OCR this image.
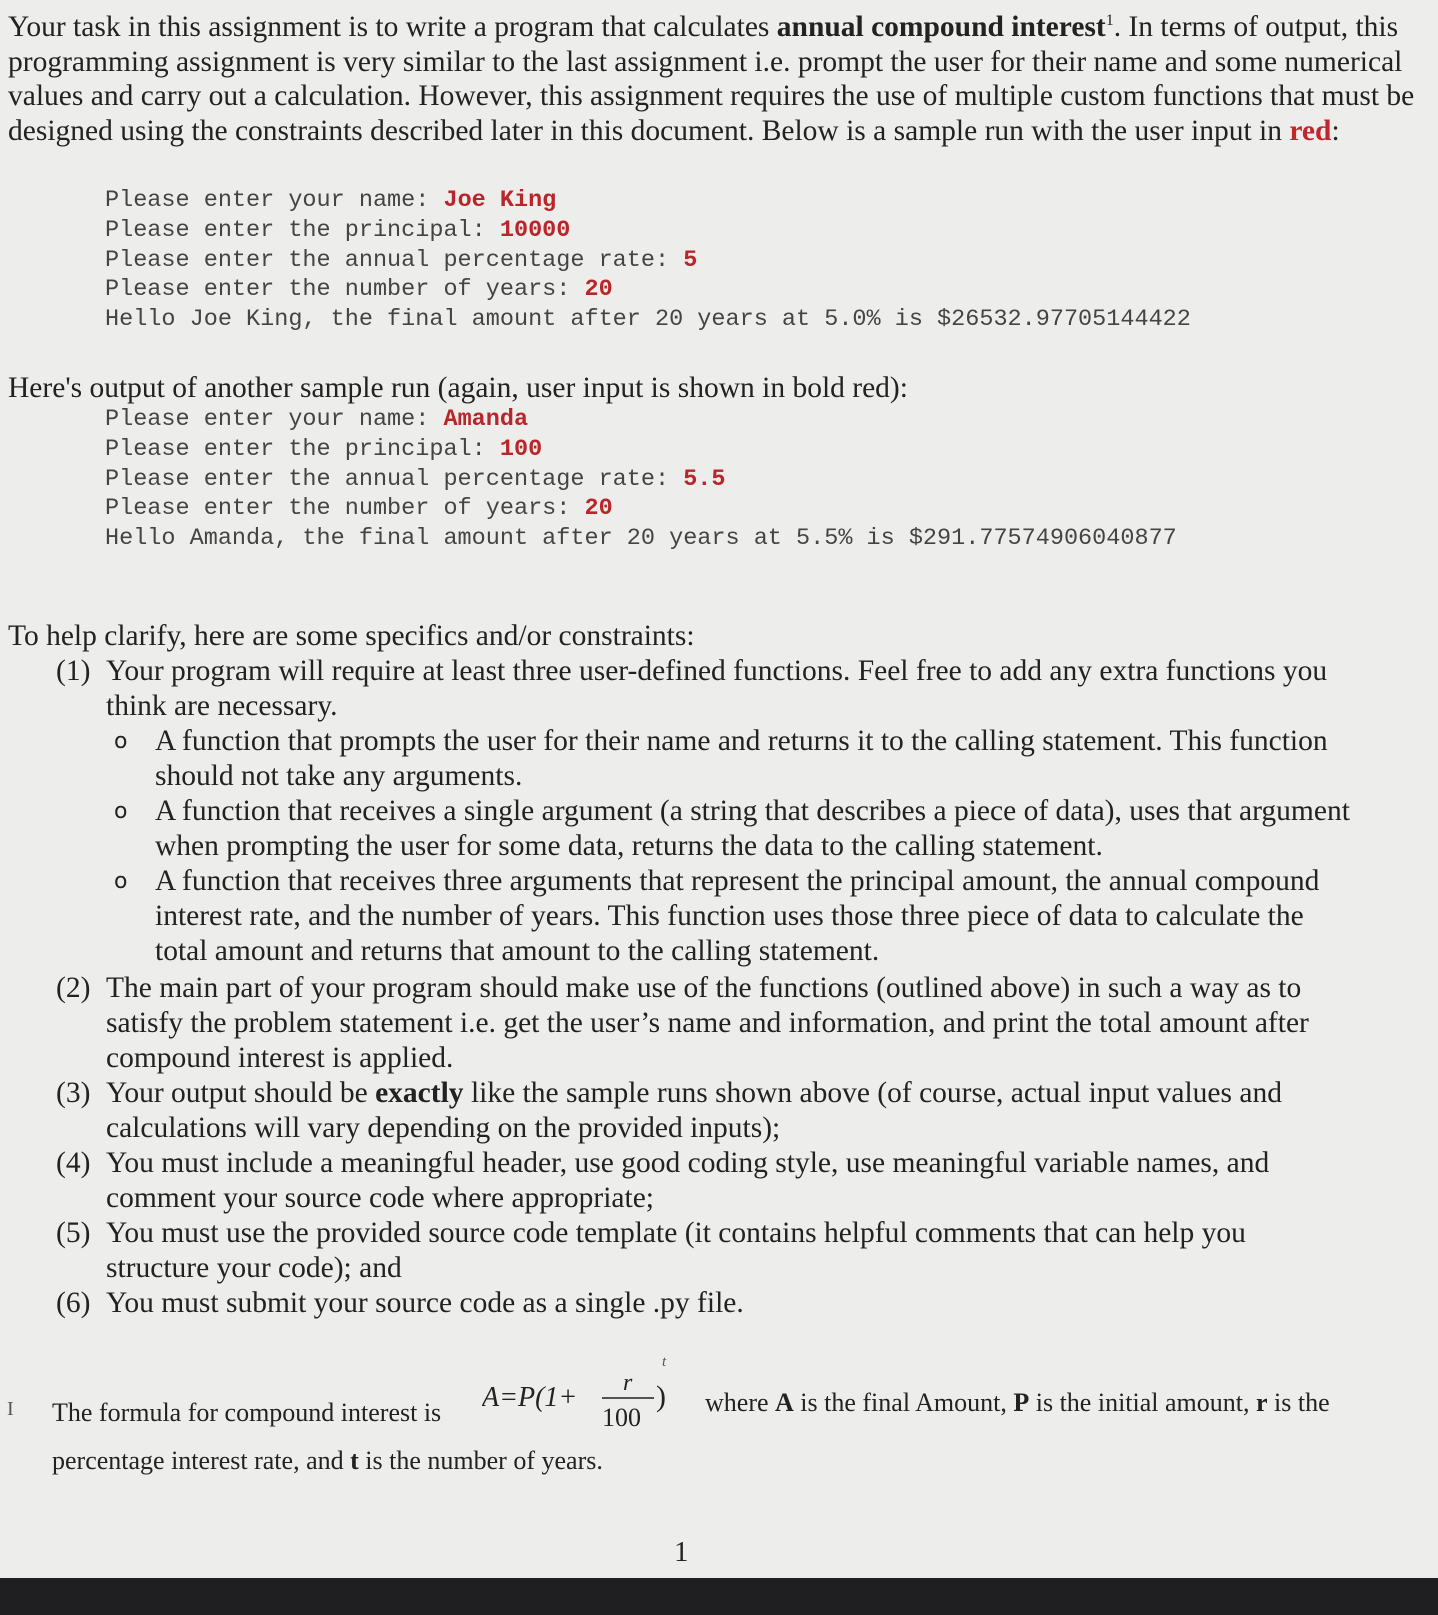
Your task in this assignment is to write a program that calculates annual compound interest$^1$. In terms of output, this programming assignment is very similar to the last assignment i.e. prompt the user for their name and some numerical values and carry out a calculation. However, this assignment requires the use of multiple custom functions that must be designed using the constraints described later in this document. Below is a sample run with the user input in red:

Please enter your name: Joe King
Please enter the principal: 10000
Please enter the annual percentage rate: 5
Please enter the number of years: 20
Hello Joe King, the final amount after 20 years at 5.0% is $26532.97705144422

Here's output of another sample run (again, user input is shown in bold red):

Please enter your name: Amanda
Please enter the principal: 100
Please enter the annual percentage rate: 5.5
Please enter the number of years: 20
Hello Amanda, the final amount after 20 years at 5.5% is $291.77574906040877

To help clarify, here are some specifics and/or constraints:

(1) Your program will require at least three user-defined functions. Feel free to add any extra functions you think are necessary.

o A function that prompts the user for their name and returns it to the calling statement. This function should not take any arguments.

o A function that receives a single argument (a string that describes a piece of data), uses that argument when prompting the user for some data, returns the data to the calling statement.

o A function that receives three arguments that represent the principal amount, the annual compound interest rate, and the number of years. This function uses those three piece of data to calculate the total amount and returns that amount to the calling statement.

(2) The main part of your program should make use of the functions (outlined above) in such a way as to satisfy the problem statement i.e. get the user’s name and information, and print the total amount after compound interest is applied.

(3) Your output should be exactly like the sample runs shown above (of course, actual input values and calculations will vary depending on the provided inputs);

(4) You must include a meaningful header, use good coding style, use meaningful variable names, and comment your source code where appropriate;

(5) You must use the provided source code template (it contains helpful comments that can help you structure your code); and

(6) You must submit your source code as a single .py file.

I The formula for compound interest is A=P(1+ r
100
)
t
where A is the final Amount, P is the initial amount, r is the
percentage interest rate, and t is the number of years.
1
